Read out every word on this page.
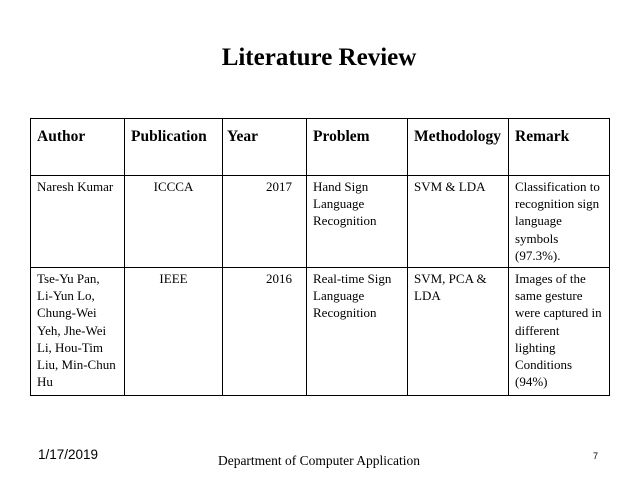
Literature Review
Author	Publication	Year	Problem	Methodology	Remark
Naresh Kumar	ICCCA	2017	Hand Sign Language Recognition	SVM & LDA	Classification to recognition sign language symbols (97.3%).
Tse-Yu Pan, Li-Yun Lo, Chung-Wei Yeh, Jhe-Wei Li, Hou-Tim Liu, Min-Chun Hu	IEEE	2016	Real-time Sign Language Recognition	SVM, PCA & LDA	Images of the same gesture were captured in different lighting Conditions (94%)
1/17/2019	Department of Computer Application	7
